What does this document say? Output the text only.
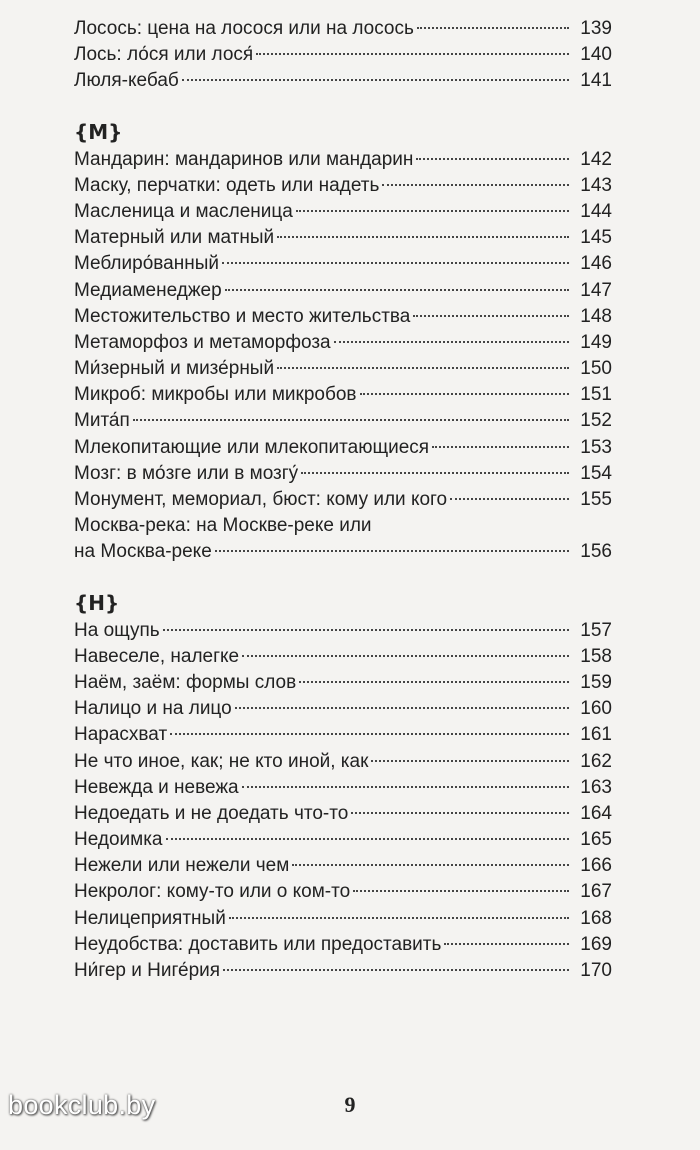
Лосось: цена на лосося или на лосось	139
Лось: ло́ся или лося́	140
Люля-кебаб	141
{М}
Мандарин: мандаринов или мандарин	142
Маску, перчатки: одеть или надеть	143
Масленица и масленица	144
Матерный или матный	145
Меблиро́ванный	146
Медиаменеджер	147
Местожительство и место жительства	148
Метаморфоз и метаморфоза	149
Ми́зерный и мизе́рный	150
Микроб: микробы или микробов	151
Мита́п	152
Млекопитающие или млекопитающиеся	153
Мозг: в мо́зге или в мозгу́	154
Монумент, мемориал, бюст: кому или кого	155
Москва-река: на Москве-реке или
на Москва-реке	156
{Н}
На ощупь	157
Навеселе, налегке	158
Наём, заём: формы слов	159
Налицо и на лицо	160
Нарасхват	161
Не что иное, как; не кто иной, как	162
Невежда и невежа	163
Недоедать и не доедать что-то	164
Недоимка	165
Нежели или нежели чем	166
Некролог: кому-то или о ком-то	167
Нелицеприятный	168
Неудобства: доставить или предоставить	169
Ни́гер и Ниге́рия	170
bookclub.by	9
